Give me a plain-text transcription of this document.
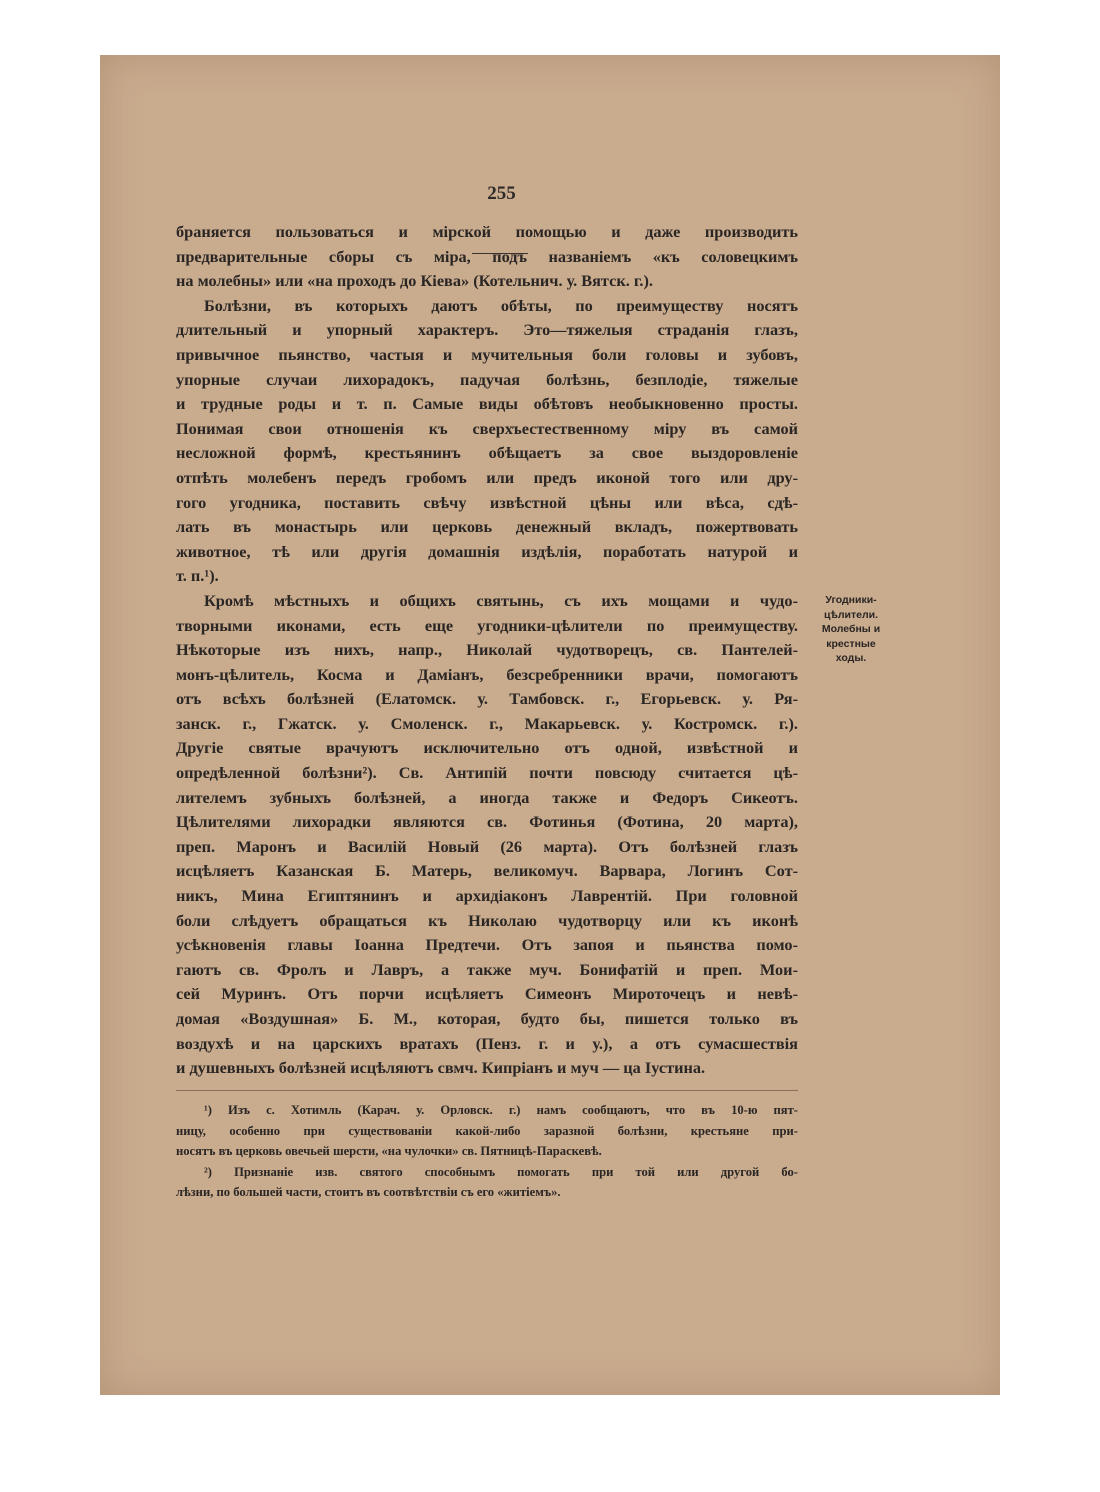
255
браняется пользоваться и мірской помощью и даже производить
предварительные сборы съ міра, подъ названіемъ «къ соловецкимъ
на молебны» или «на проходъ до Кіева» (Котельнич. у. Вятск. г.).
Болѣзни, въ которыхъ даютъ обѣты, по преимуществу носятъ
длительный и упорный характеръ. Это—тяжелыя страданія глазъ,
привычное пьянство, частыя и мучительныя боли головы и зубовъ,
упорные случаи лихорадокъ, падучая болѣзнь, безплодіе, тяжелые
и трудные роды и т. п. Самые виды обѣтовъ необыкновенно просты.
Понимая свои отношенія къ сверхъестественному міру въ самой
несложной формѣ, крестьянинъ обѣщаетъ за свое выздоровленіе
отпѣть молебенъ передъ гробомъ или предъ иконой того или дру-
гого угодника, поставить свѣчу извѣстной цѣны или вѣса, сдѣ-
лать въ монастырь или церковь денежный вкладъ, пожертвовать
животное, тѣ или другія домашнія издѣлія, поработать натурой и
т. п.¹).
Кромѣ мѣстныхъ и общихъ святынь, съ ихъ мощами и чудо-
творными иконами, есть еще угодники-цѣлители по преимуществу.
Нѣкоторые изъ нихъ, напр., Николай чудотворецъ, св. Пантелей-
монъ-цѣлитель, Косма и Даміанъ, безсребренники врачи, помогаютъ
отъ всѣхъ болѣзней (Елатомск. у. Тамбовск. г., Егорьевск. у. Ря-
занск. г., Гжатск. у. Смоленск. г., Макарьевск. у. Костромск. г.).
Другіе святые врачуютъ исключительно отъ одной, извѣстной и
опредѣленной болѣзни²). Св. Антипій почти повсюду считается цѣ-
лителемъ зубныхъ болѣзней, а иногда также и Федоръ Сикеотъ.
Цѣлителями лихорадки являются св. Фотинья (Фотина, 20 марта),
преп. Маронъ и Василій Новый (26 марта). Отъ болѣзней глазъ
исцѣляетъ Казанская Б. Матерь, великомуч. Варвара, Логинъ Сот-
никъ, Мина Египтянинъ и архидіаконъ Лаврентій. При головной
боли слѣдуетъ обращаться къ Николаю чудотворцу или къ иконѣ
усѣкновенія главы Іоанна Предтечи. Отъ запоя и пьянства помо-
гаютъ св. Фролъ и Лавръ, а также муч. Бонифатій и преп. Мои-
сей Муринъ. Отъ порчи исцѣляетъ Симеонъ Мироточецъ и невѣ-
домая «Воздушная» Б. М., которая, будто бы, пишется только въ
воздухѣ и на царскихъ вратахъ (Пенз. г. и у.), а отъ сумасшествія
и душевныхъ болѣзней исцѣляютъ свмч. Кипріанъ и муч — ца Іустина.
Угодники-
цѣлители.
Молебны и
крестные
ходы.
¹) Изъ с. Хотимль (Карач. у. Орловск. г.) намъ сообщаютъ, что въ 10-ю пят-
ницу, особенно при существованіи какой-либо заразной болѣзни, крестьяне при-
носятъ въ церковь овечьей шерсти, «на чулочки» св. Пятницѣ-Параскевѣ.
²) Признаніе изв. святого способнымъ помогать при той или другой бо-
лѣзни, по большей части, стоитъ въ соотвѣтствіи съ его «житіемъ».
